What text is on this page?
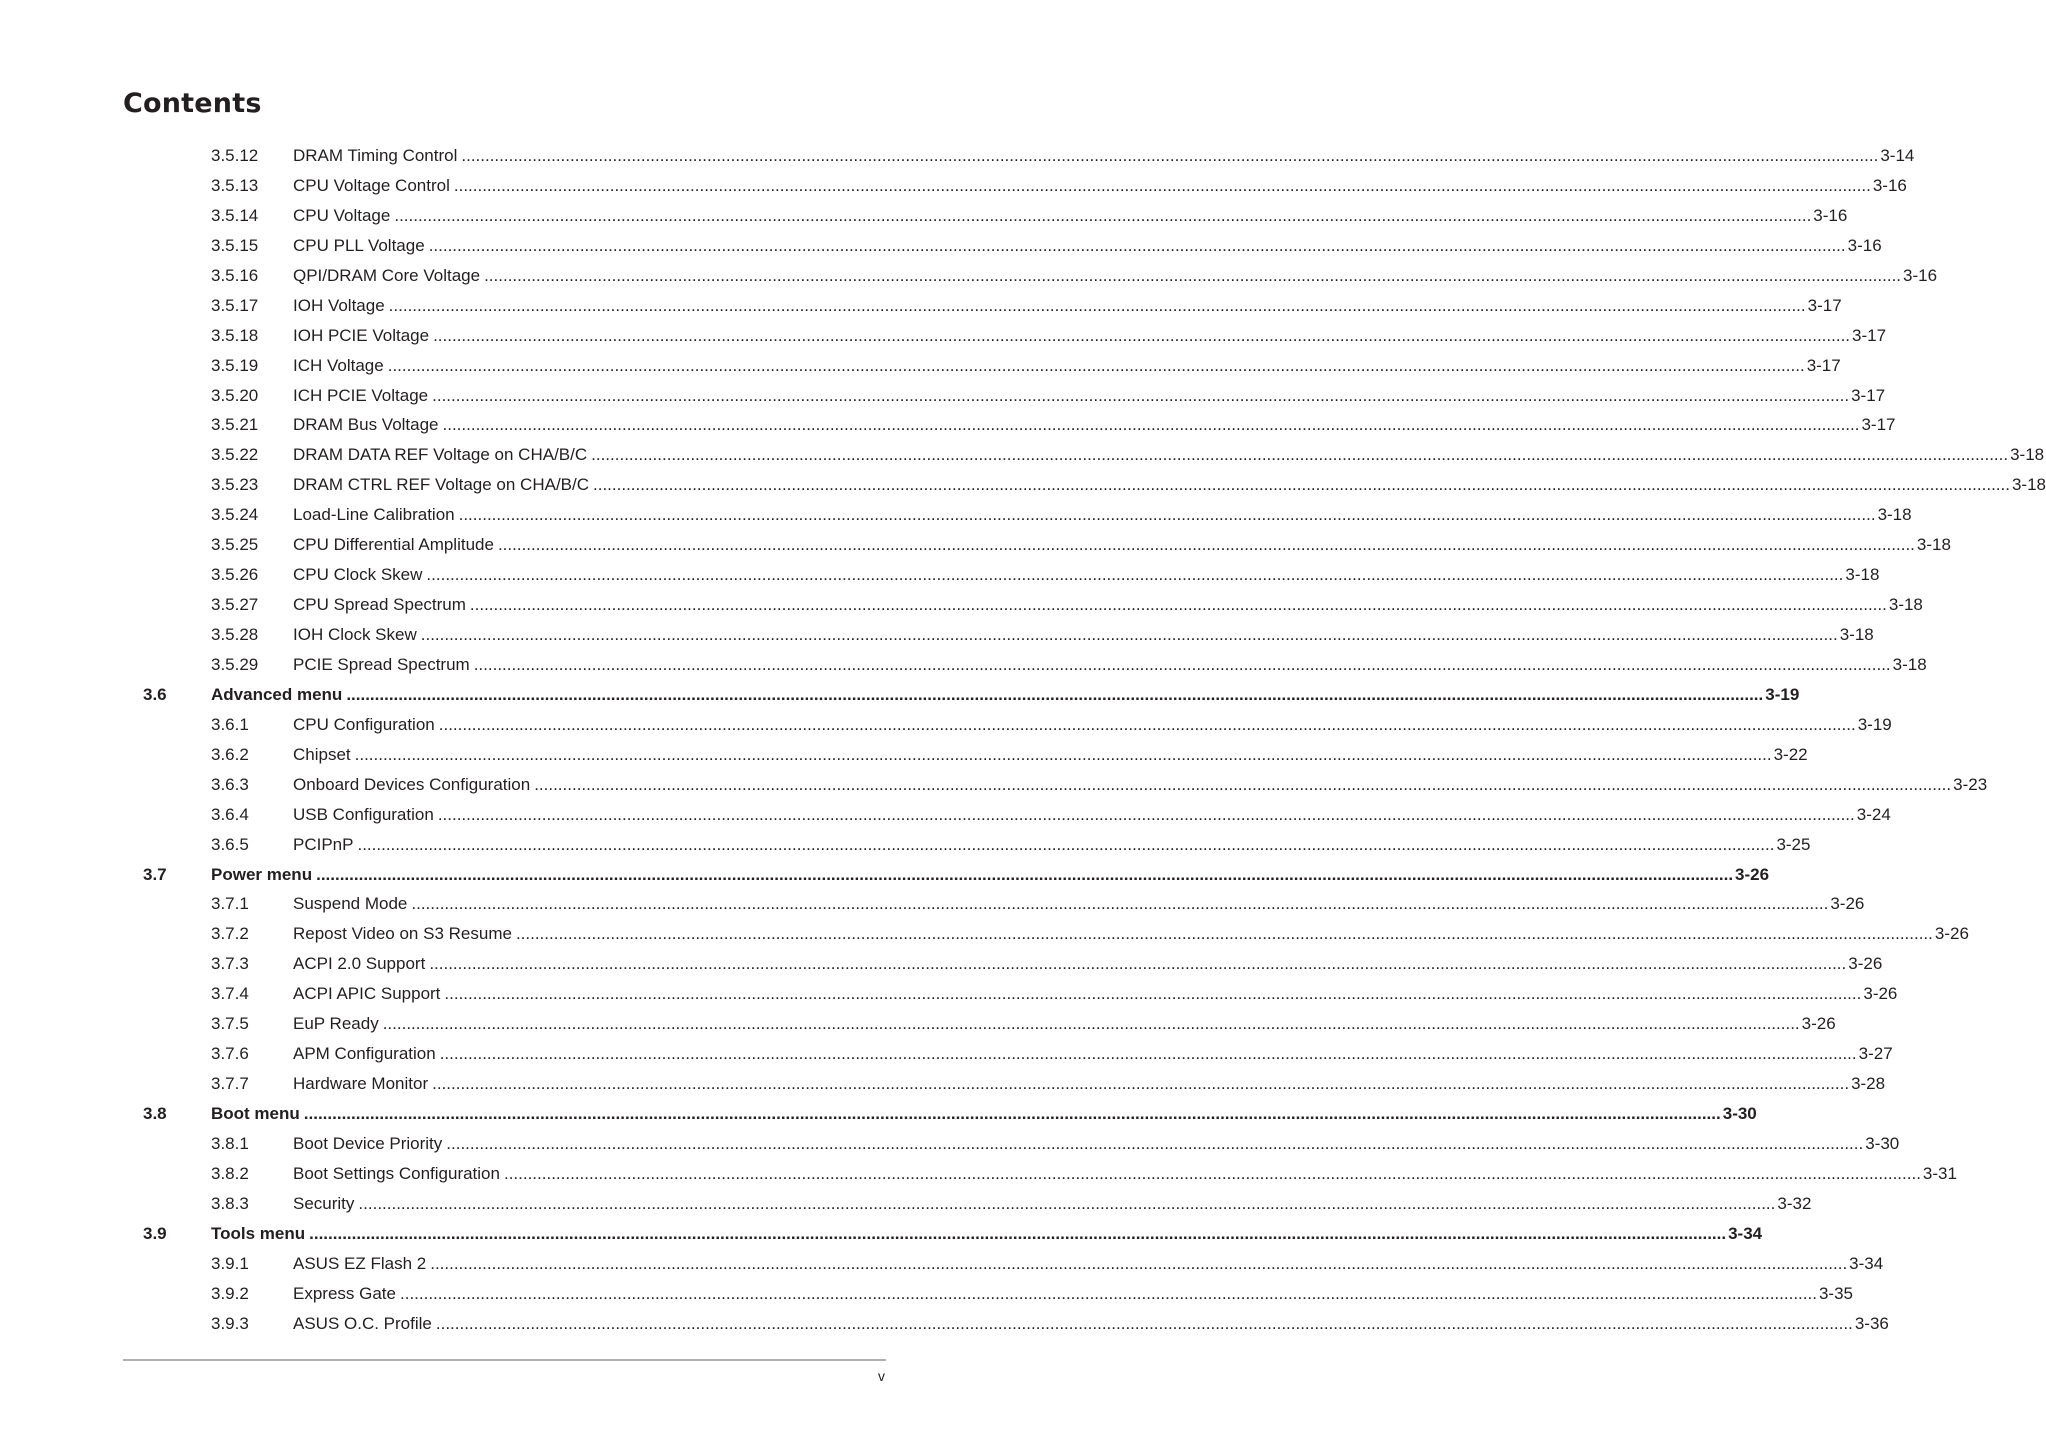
Contents
3.5.12 DRAM Timing Control ............................................................................................................................................................................................................................................................................................................ 3-14
3.5.13 CPU Voltage Control ............................................................................................................................................................................................................................................................................................................ 3-16
3.5.14 CPU Voltage ............................................................................................................................................................................................................................................................................................................ 3-16
3.5.15 CPU PLL Voltage ............................................................................................................................................................................................................................................................................................................ 3-16
3.5.16 QPI/DRAM Core Voltage ............................................................................................................................................................................................................................................................................................................ 3-16
3.5.17 IOH Voltage ............................................................................................................................................................................................................................................................................................................ 3-17
3.5.18 IOH PCIE Voltage ............................................................................................................................................................................................................................................................................................................ 3-17
3.5.19 ICH Voltage ............................................................................................................................................................................................................................................................................................................ 3-17
3.5.20 ICH PCIE Voltage ............................................................................................................................................................................................................................................................................................................ 3-17
3.5.21 DRAM Bus Voltage ............................................................................................................................................................................................................................................................................................................ 3-17
3.5.22 DRAM DATA REF Voltage on CHA/B/C ............................................................................................................................................................................................................................................................................................................ 3-18
3.5.23 DRAM CTRL REF Voltage on CHA/B/C ............................................................................................................................................................................................................................................................................................................ 3-18
3.5.24 Load-Line Calibration ............................................................................................................................................................................................................................................................................................................ 3-18
3.5.25 CPU Differential Amplitude ............................................................................................................................................................................................................................................................................................................ 3-18
3.5.26 CPU Clock Skew ............................................................................................................................................................................................................................................................................................................ 3-18
3.5.27 CPU Spread Spectrum ............................................................................................................................................................................................................................................................................................................ 3-18
3.5.28 IOH Clock Skew ............................................................................................................................................................................................................................................................................................................ 3-18
3.5.29 PCIE Spread Spectrum ............................................................................................................................................................................................................................................................................................................ 3-18
3.6	Advanced menu ............................................................................................................................................................................................................................................................................................................ 3-19
3.6.1	CPU Configuration ............................................................................................................................................................................................................................................................................................................ 3-19
3.6.2	Chipset ............................................................................................................................................................................................................................................................................................................ 3-22
3.6.3	Onboard Devices Configuration ............................................................................................................................................................................................................................................................................................................ 3-23
3.6.4	USB Configuration ............................................................................................................................................................................................................................................................................................................ 3-24
3.6.5	PCIPnP ............................................................................................................................................................................................................................................................................................................ 3-25
3.7	Power menu ............................................................................................................................................................................................................................................................................................................ 3-26
3.7.1	Suspend Mode ............................................................................................................................................................................................................................................................................................................ 3-26
3.7.2	Repost Video on S3 Resume ............................................................................................................................................................................................................................................................................................................ 3-26
3.7.3	ACPI 2.0 Support ............................................................................................................................................................................................................................................................................................................ 3-26
3.7.4	ACPI APIC Support ............................................................................................................................................................................................................................................................................................................ 3-26
3.7.5	EuP Ready ............................................................................................................................................................................................................................................................................................................ 3-26
3.7.6	APM Configuration ............................................................................................................................................................................................................................................................................................................ 3-27
3.7.7	Hardware Monitor ............................................................................................................................................................................................................................................................................................................ 3-28
3.8	Boot menu ............................................................................................................................................................................................................................................................................................................ 3-30
3.8.1	Boot Device Priority ............................................................................................................................................................................................................................................................................................................ 3-30
3.8.2	Boot Settings Configuration ............................................................................................................................................................................................................................................................................................................ 3-31
3.8.3	Security ............................................................................................................................................................................................................................................................................................................ 3-32
3.9	Tools menu ............................................................................................................................................................................................................................................................................................................ 3-34
3.9.1	ASUS EZ Flash 2 ............................................................................................................................................................................................................................................................................................................ 3-34
3.9.2	Express Gate ............................................................................................................................................................................................................................................................................................................ 3-35
3.9.3	ASUS O.C. Profile ............................................................................................................................................................................................................................................................................................................ 3-36
v
